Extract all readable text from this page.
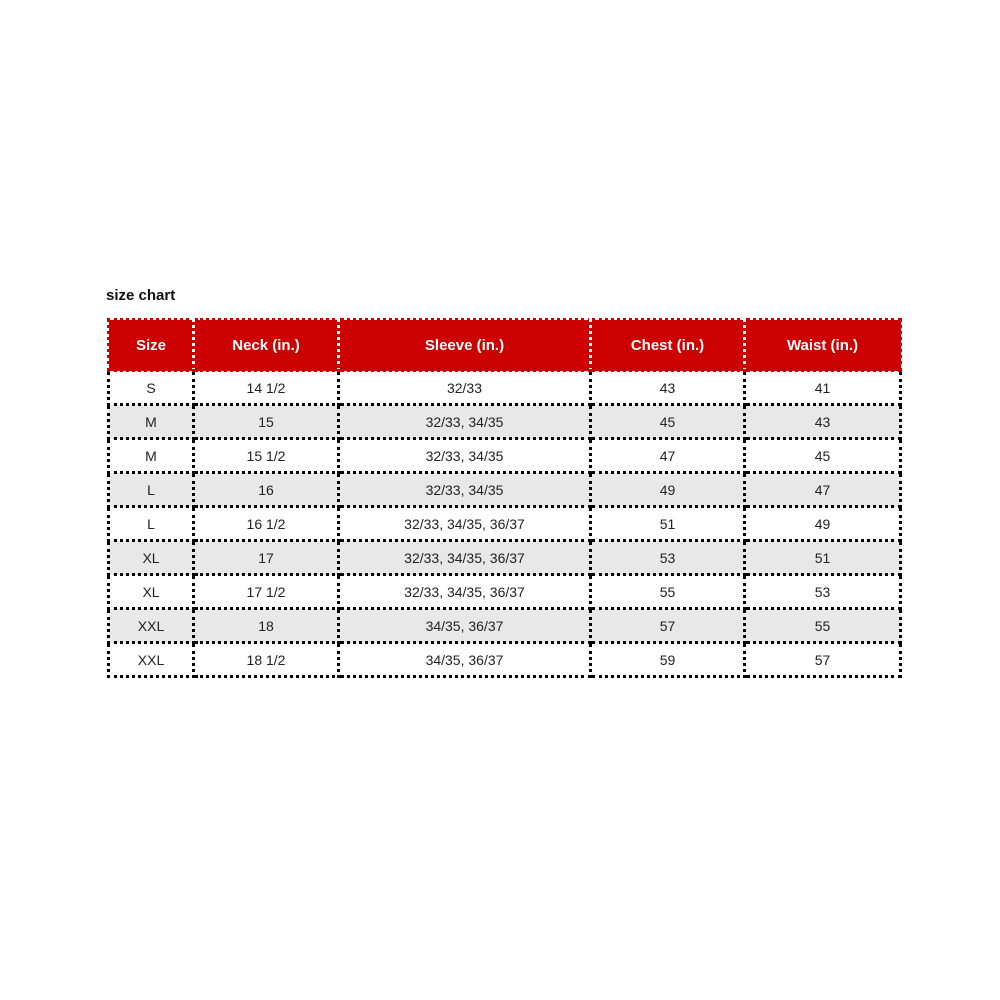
size chart
Size	Neck (in.)	Sleeve (in.)	Chest (in.)	Waist (in.)
S	14 1/2	32/33	43	41
M	15	32/33, 34/35	45	43
M	15 1/2	32/33, 34/35	47	45
L	16	32/33, 34/35	49	47
L	16 1/2	32/33, 34/35, 36/37	51	49
XL	17	32/33, 34/35, 36/37	53	51
XL	17 1/2	32/33, 34/35, 36/37	55	53
XXL	18	34/35, 36/37	57	55
XXL	18 1/2	34/35, 36/37	59	57
